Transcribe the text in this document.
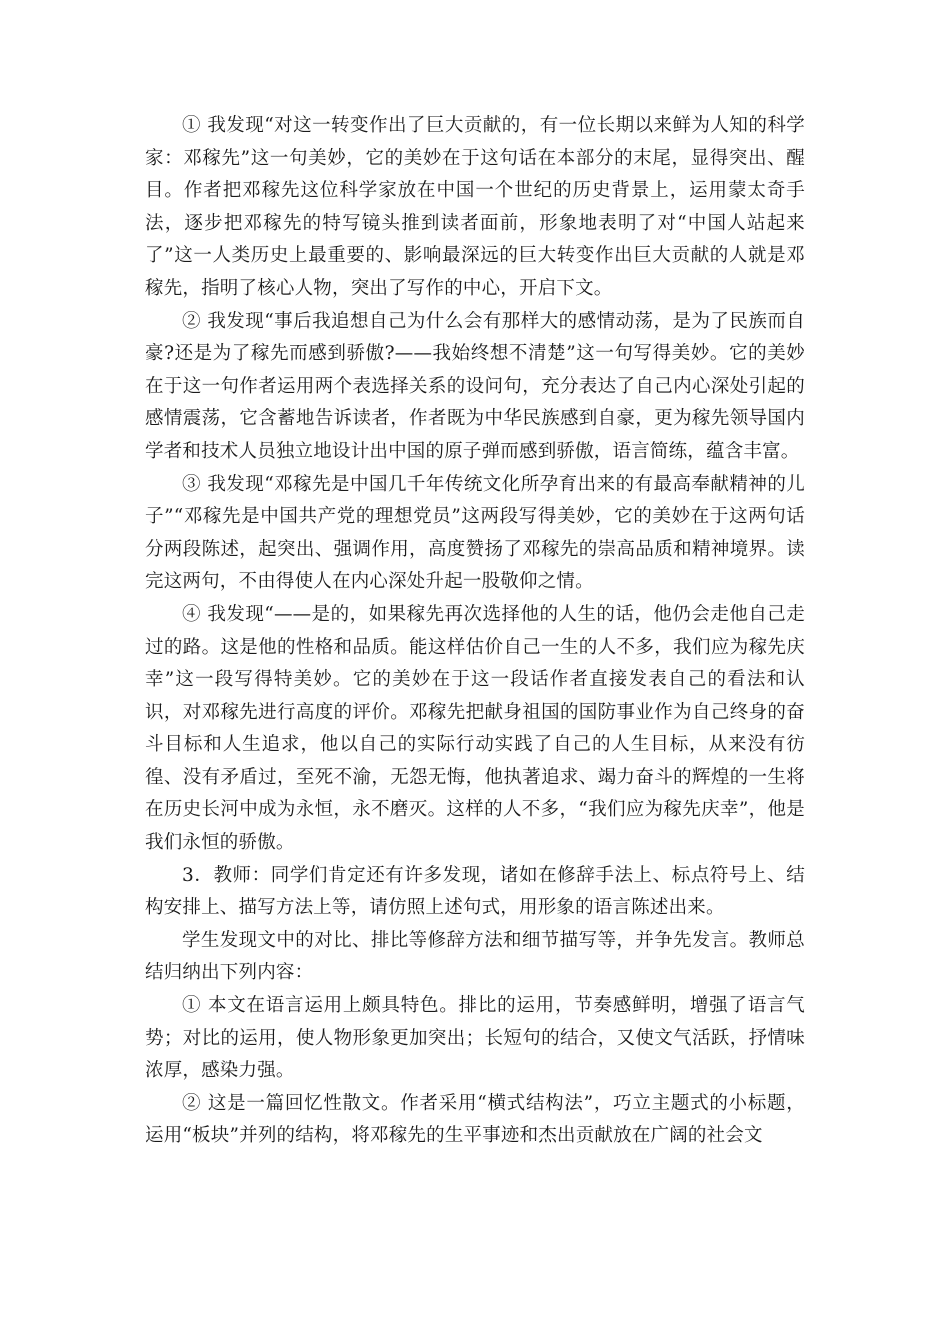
① 我发现“对这一转变作出了巨大贡献的，有一位长期以来鲜为人知的科学家：邓稼先”这一句美妙，它的美妙在于这句话在本部分的末尾，显得突出、醒目。作者把邓稼先这位科学家放在中国一个世纪的历史背景上，运用蒙太奇手法，逐步把邓稼先的特写镜头推到读者面前，形象地表明了对“中国人站起来了”这一人类历史上最重要的、影响最深远的巨大转变作出巨大贡献的人就是邓稼先，指明了核心人物，突出了写作的中心，开启下文。

② 我发现“事后我追想自己为什么会有那样大的感情动荡，是为了民族而自豪?还是为了稼先而感到骄傲?——我始终想不清楚”这一句写得美妙。它的美妙在于这一句作者运用两个表选择关系的设问句，充分表达了自己内心深处引起的感情震荡，它含蓄地告诉读者，作者既为中华民族感到自豪，更为稼先领导国内学者和技术人员独立地设计出中国的原子弹而感到骄傲，语言简练，蕴含丰富。

③ 我发现“邓稼先是中国几千年传统文化所孕育出来的有最高奉献精神的儿子”“邓稼先是中国共产党的理想党员”这两段写得美妙，它的美妙在于这两句话分两段陈述，起突出、强调作用，高度赞扬了邓稼先的崇高品质和精神境界。读完这两句，不由得使人在内心深处升起一股敬仰之情。

④ 我发现“——是的，如果稼先再次选择他的人生的话，他仍会走他自己走过的路。这是他的性格和品质。能这样估价自己一生的人不多，我们应为稼先庆幸”这一段写得特美妙。它的美妙在于这一段话作者直接发表自己的看法和认识，对邓稼先进行高度的评价。邓稼先把献身祖国的国防事业作为自己终身的奋斗目标和人生追求，他以自己的实际行动实践了自己的人生目标，从来没有彷徨、没有矛盾过，至死不渝，无怨无悔，他执著追求、竭力奋斗的辉煌的一生将在历史长河中成为永恒，永不磨灭。这样的人不多，“我们应为稼先庆幸”，他是我们永恒的骄傲。

3．教师：同学们肯定还有许多发现，诸如在修辞手法上、标点符号上、结构安排上、描写方法上等，请仿照上述句式，用形象的语言陈述出来。

学生发现文中的对比、排比等修辞方法和细节描写等，并争先发言。教师总结归纳出下列内容：

① 本文在语言运用上颇具特色。排比的运用，节奏感鲜明，增强了语言气势；对比的运用，使人物形象更加突出；长短句的结合，又使文气活跃，抒情味浓厚，感染力强。

② 这是一篇回忆性散文。作者采用“横式结构法”，巧立主题式的小标题，运用“板块”并列的结构，将邓稼先的生平事迹和杰出贡献放在广阔的社会文
